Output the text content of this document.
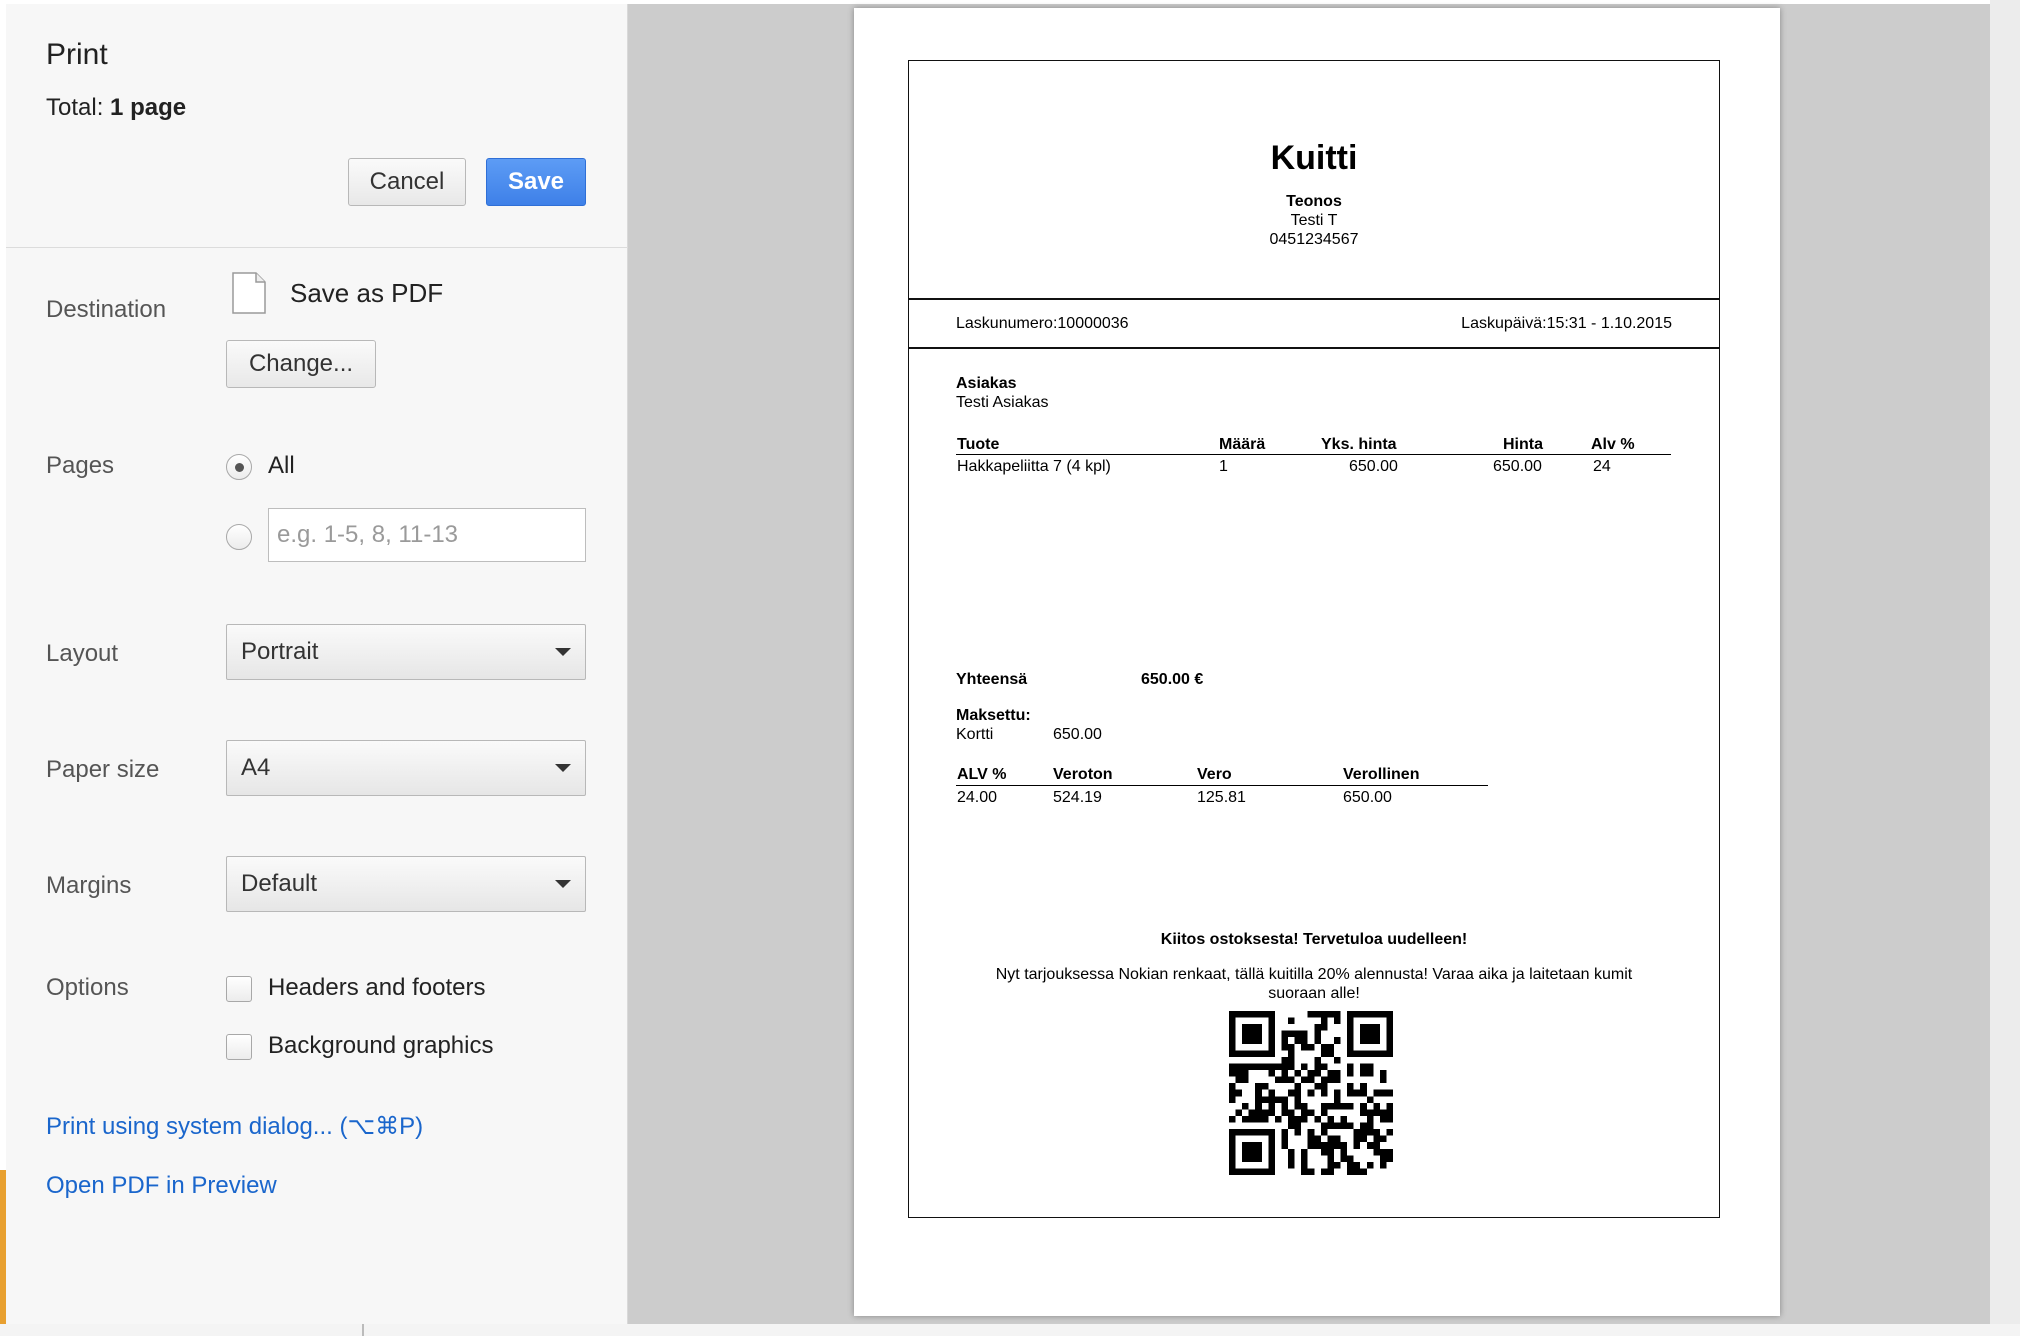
Print
Total: 1 page
Cancel	Save
Destination
Save as PDF
Change...
Pages	All
e.g. 1-5, 8, 11-13
Layout	Portrait
Paper size	A4
Margins	Default
Options	Headers and footers
Background graphics
Print using system dialog... (⌥⌘P)
Open PDF in Preview
Kuitti
Teonos
Testi T
0451234567
Laskunumero:10000036	Laskupäivä:15:31 - 1.10.2015
Asiakas
Testi Asiakas
Tuote	Määrä	Yks. hinta	Hinta	Alv %
Hakkapeliitta 7 (4 kpl)	1	650.00	650.00	24
Yhteensä	650.00 €
Maksettu:
Kortti	650.00
ALV %	Veroton	Vero	Verollinen
24.00	524.19	125.81	650.00
Kiitos ostoksesta! Tervetuloa uudelleen!
Nyt tarjouksessa Nokian renkaat, tällä kuitilla 20% alennusta! Varaa aika ja laitetaan kumit
suoraan alle!
